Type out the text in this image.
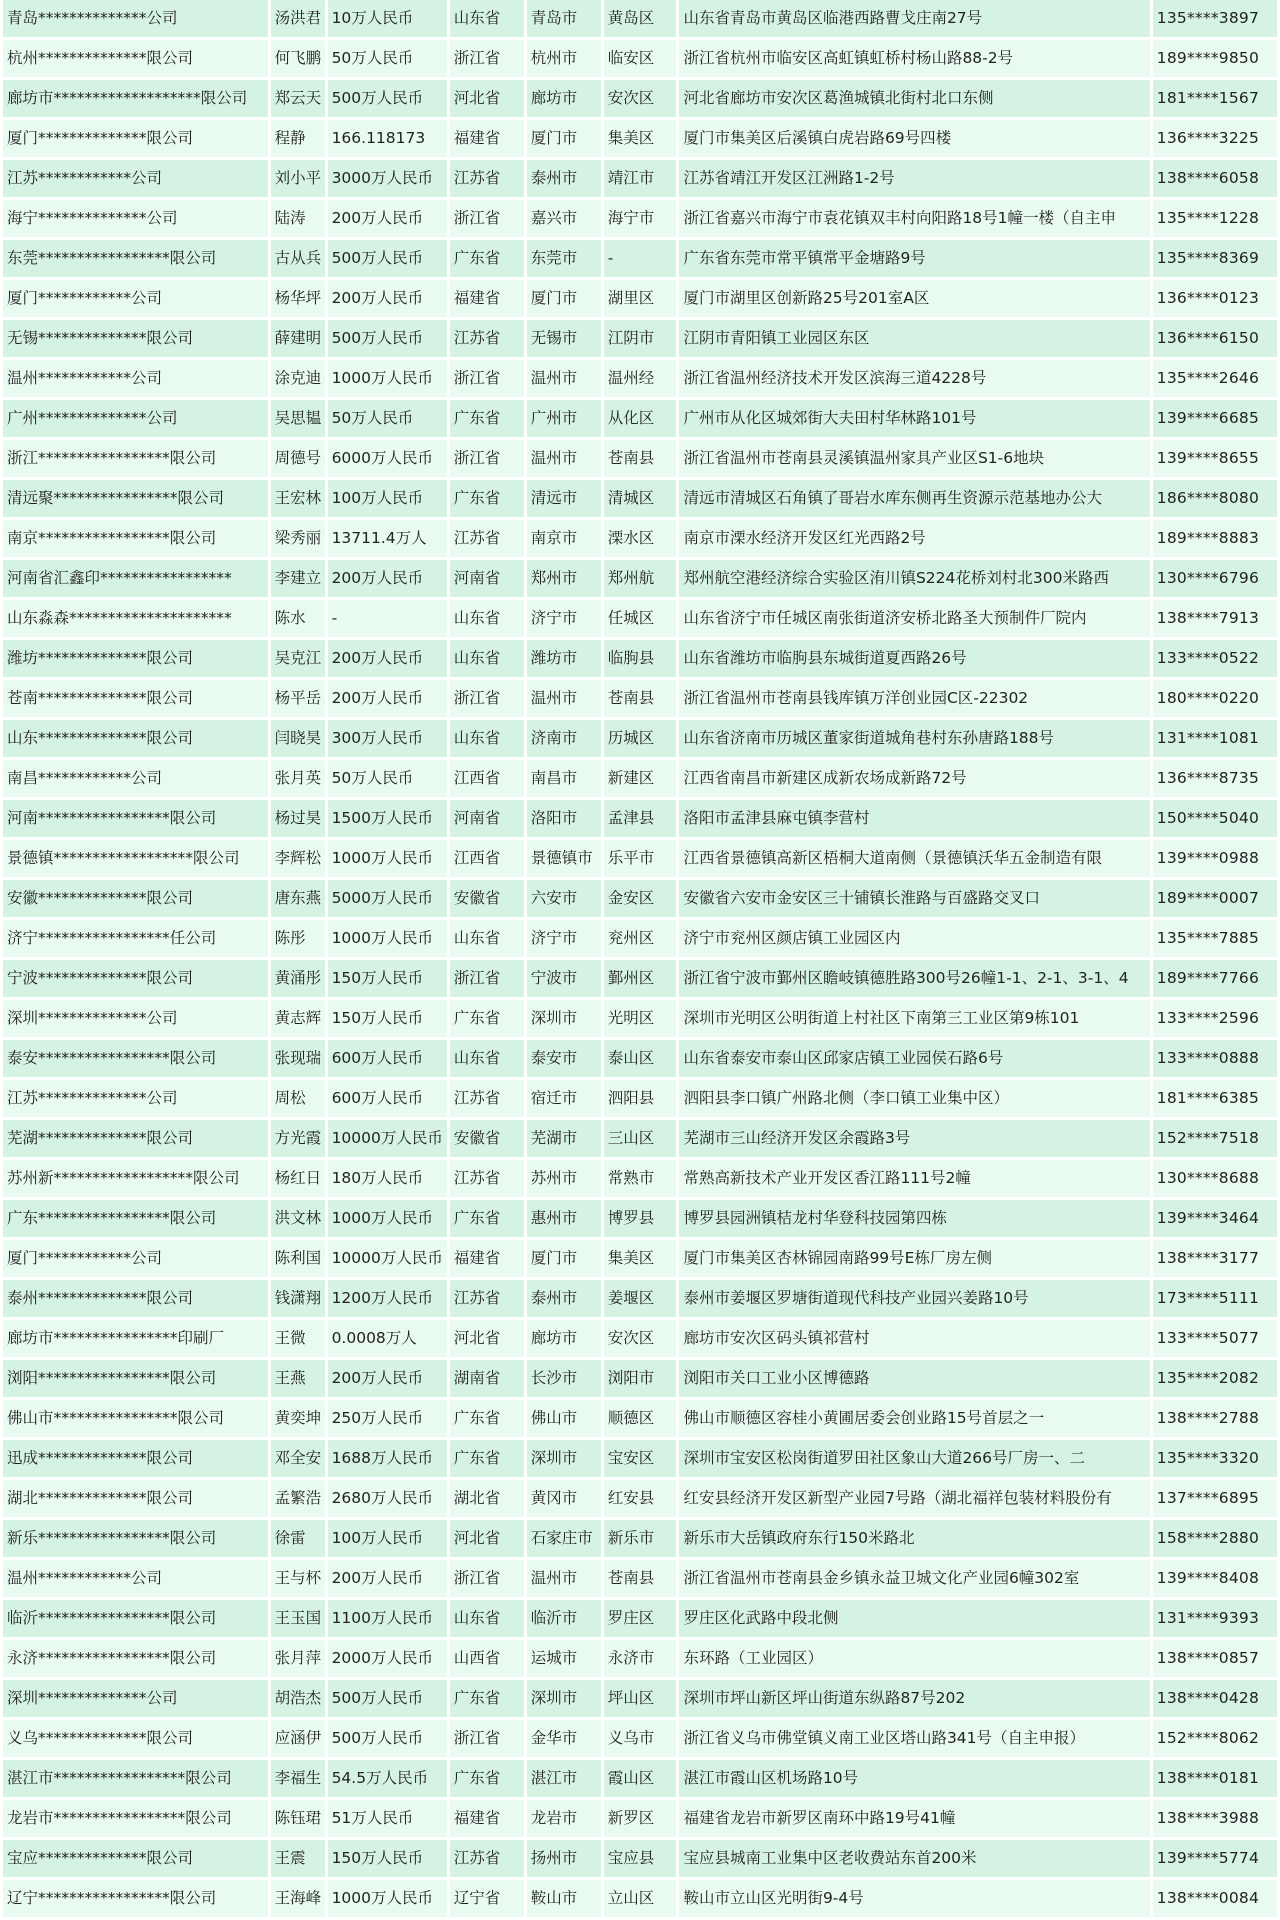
青岛**************公司	汤洪君	10万人民币	山东省	青岛市	黄岛区	山东省青岛市黄岛区临港西路曹戈庄南27号	135****3897
杭州**************限公司	何飞鹏	50万人民币	浙江省	杭州市	临安区	浙江省杭州市临安区高虹镇虹桥村杨山路88-2号	189****9850
廊坊市*******************限公司	郑云天	500万人民币	河北省	廊坊市	安次区	河北省廊坊市安次区葛渔城镇北街村北口东侧	181****1567
厦门**************限公司	程静	166.118173	福建省	厦门市	集美区	厦门市集美区后溪镇白虎岩路69号四楼	136****3225
江苏************公司	刘小平	3000万人民币	江苏省	泰州市	靖江市	江苏省靖江开发区江洲路1-2号	138****6058
海宁**************公司	陆涛	200万人民币	浙江省	嘉兴市	海宁市	浙江省嘉兴市海宁市袁花镇双丰村向阳路18号1幢一楼（自主申	135****1228
东莞*****************限公司	古从兵	500万人民币	广东省	东莞市	-	广东省东莞市常平镇常平金塘路9号	135****8369
厦门************公司	杨华坪	200万人民币	福建省	厦门市	湖里区	厦门市湖里区创新路25号201室A区	136****0123
无锡**************限公司	薛建明	500万人民币	江苏省	无锡市	江阴市	江阴市青阳镇工业园区东区	136****6150
温州************公司	涂克迪	1000万人民币	浙江省	温州市	温州经	浙江省温州经济技术开发区滨海三道4228号	135****2646
广州**************公司	吴思韫	50万人民币	广东省	广州市	从化区	广州市从化区城郊街大夫田村华林路101号	139****6685
浙江*****************限公司	周德号	6000万人民币	浙江省	温州市	苍南县	浙江省温州市苍南县灵溪镇温州家具产业区S1-6地块	139****8655
清远聚****************限公司	王宏林	100万人民币	广东省	清远市	清城区	清远市清城区石角镇了哥岩水库东侧再生资源示范基地办公大	186****8080
南京*****************限公司	梁秀丽	13711.4万人	江苏省	南京市	溧水区	南京市溧水经济开发区红光西路2号	189****8883
河南省汇鑫印*****************	李建立	200万人民币	河南省	郑州市	郑州航	郑州航空港经济综合实验区洧川镇S224花桥刘村北300米路西	130****6796
山东淼森*********************	陈水	-	山东省	济宁市	任城区	山东省济宁市任城区南张街道济安桥北路圣大预制件厂院内	138****7913
潍坊**************限公司	吴克江	200万人民币	山东省	潍坊市	临朐县	山东省潍坊市临朐县东城街道夏西路26号	133****0522
苍南**************限公司	杨平岳	200万人民币	浙江省	温州市	苍南县	浙江省温州市苍南县钱库镇万洋创业园C区-22302	180****0220
山东**************限公司	闫晓昊	300万人民币	山东省	济南市	历城区	山东省济南市历城区董家街道城角巷村东孙唐路188号	131****1081
南昌************公司	张月英	50万人民币	江西省	南昌市	新建区	江西省南昌市新建区成新农场成新路72号	136****8735
河南*****************限公司	杨过昊	1500万人民币	河南省	洛阳市	孟津县	洛阳市孟津县麻屯镇李营村	150****5040
景德镇******************限公司	李辉松	1000万人民币	江西省	景德镇市	乐平市	江西省景德镇高新区梧桐大道南侧（景德镇沃华五金制造有限	139****0988
安徽**************限公司	唐东燕	5000万人民币	安徽省	六安市	金安区	安徽省六安市金安区三十铺镇长淮路与百盛路交叉口	189****0007
济宁*****************任公司	陈彤	1000万人民币	山东省	济宁市	兖州区	济宁市兖州区颜店镇工业园区内	135****7885
宁波**************限公司	黄涌彤	150万人民币	浙江省	宁波市	鄞州区	浙江省宁波市鄞州区瞻岐镇德胜路300号26幢1-1、2-1、3-1、4	189****7766
深圳**************公司	黄志辉	150万人民币	广东省	深圳市	光明区	深圳市光明区公明街道上村社区下南第三工业区第9栋101	133****2596
泰安*****************限公司	张现瑞	600万人民币	山东省	泰安市	泰山区	山东省泰安市泰山区邱家店镇工业园侯石路6号	133****0888
江苏**************公司	周松	600万人民币	江苏省	宿迁市	泗阳县	泗阳县李口镇广州路北侧（李口镇工业集中区）	181****6385
芜湖**************限公司	方光霞	10000万人民币	安徽省	芜湖市	三山区	芜湖市三山经济开发区余霞路3号	152****7518
苏州新******************限公司	杨红日	180万人民币	江苏省	苏州市	常熟市	常熟高新技术产业开发区香江路111号2幢	130****8688
广东*****************限公司	洪文林	1000万人民币	广东省	惠州市	博罗县	博罗县园洲镇桔龙村华登科技园第四栋	139****3464
厦门************公司	陈利国	10000万人民币	福建省	厦门市	集美区	厦门市集美区杏林锦园南路99号E栋厂房左侧	138****3177
泰州**************限公司	钱潇翔	1200万人民币	江苏省	泰州市	姜堰区	泰州市姜堰区罗塘街道现代科技产业园兴姜路10号	173****5111
廊坊市****************印刷厂	王微	0.0008万人	河北省	廊坊市	安次区	廊坊市安次区码头镇祁营村	133****5077
浏阳*****************限公司	王燕	200万人民币	湖南省	长沙市	浏阳市	浏阳市关口工业小区博德路	135****2082
佛山市****************限公司	黄奕坤	250万人民币	广东省	佛山市	顺德区	佛山市顺德区容桂小黄圃居委会创业路15号首层之一	138****2788
迅成**************限公司	邓全安	1688万人民币	广东省	深圳市	宝安区	深圳市宝安区松岗街道罗田社区象山大道266号厂房一、二	135****3320
湖北**************限公司	孟繁浩	2680万人民币	湖北省	黄冈市	红安县	红安县经济开发区新型产业园7号路（湖北福祥包装材料股份有	137****6895
新乐*****************限公司	徐雷	100万人民币	河北省	石家庄市	新乐市	新乐市大岳镇政府东行150米路北	158****2880
温州************公司	王与杯	200万人民币	浙江省	温州市	苍南县	浙江省温州市苍南县金乡镇永益卫城文化产业园6幢302室	139****8408
临沂*****************限公司	王玉国	1100万人民币	山东省	临沂市	罗庄区	罗庄区化武路中段北侧	131****9393
永济*****************限公司	张月萍	2000万人民币	山西省	运城市	永济市	东环路（工业园区）	138****0857
深圳**************公司	胡浩杰	500万人民币	广东省	深圳市	坪山区	深圳市坪山新区坪山街道东纵路87号202	138****0428
义乌**************限公司	应涵伊	500万人民币	浙江省	金华市	义乌市	浙江省义乌市佛堂镇义南工业区塔山路341号（自主申报）	152****8062
湛江市*****************限公司	李福生	54.5万人民币	广东省	湛江市	霞山区	湛江市霞山区机场路10号	138****0181
龙岩市*****************限公司	陈钰珺	51万人民币	福建省	龙岩市	新罗区	福建省龙岩市新罗区南环中路19号41幢	138****3988
宝应**************限公司	王震	150万人民币	江苏省	扬州市	宝应县	宝应县城南工业集中区老收费站东首200米	139****5774
辽宁*****************限公司	王海峰	1000万人民币	辽宁省	鞍山市	立山区	鞍山市立山区光明街9-4号	138****0084
